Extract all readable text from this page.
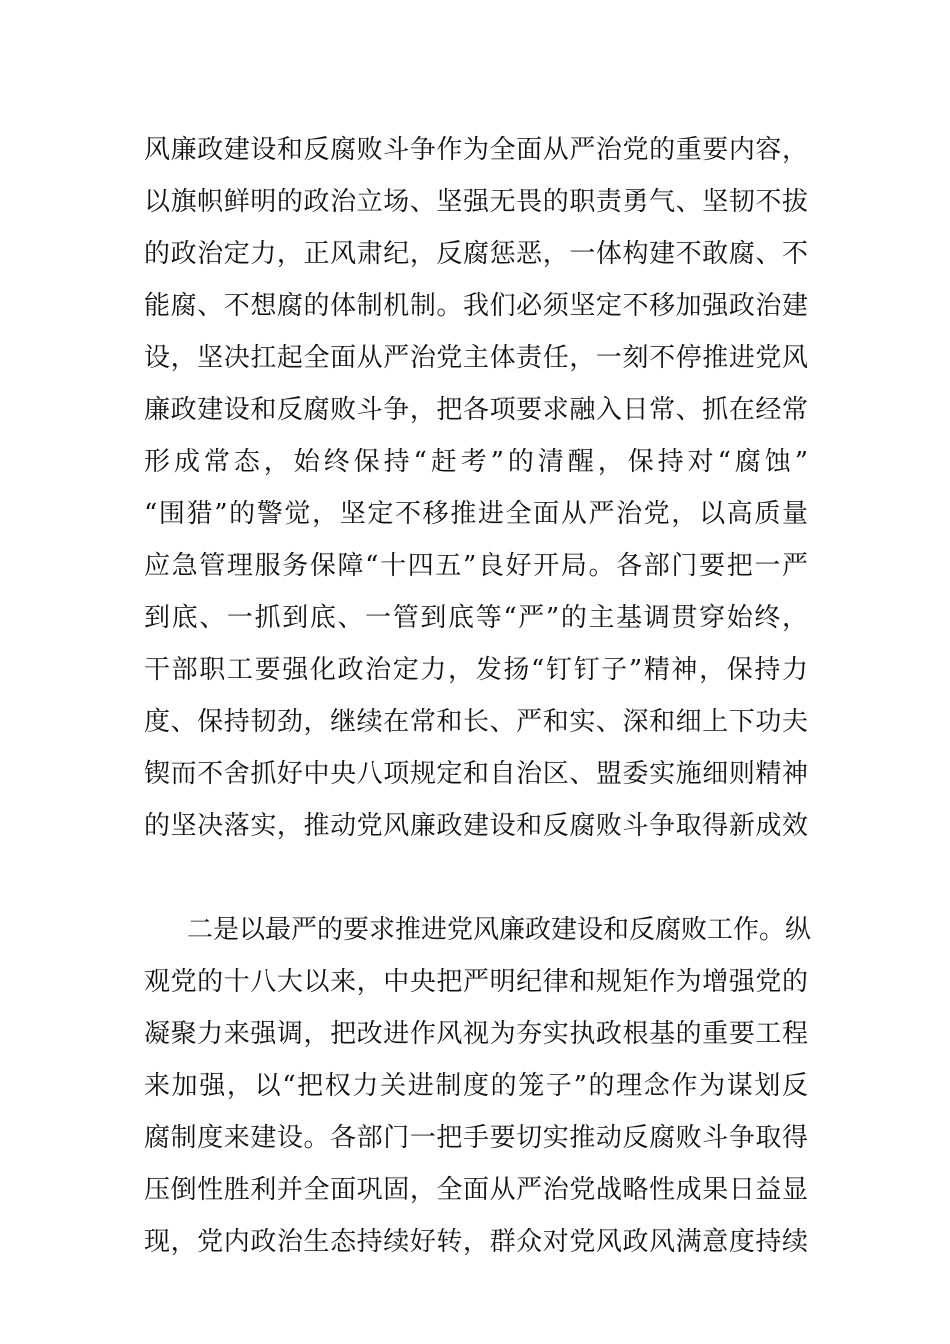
风廉政建设和反腐败斗争作为全面从严治党的重要内容，
以旗帜鲜明的政治立场、坚强无畏的职责勇气、坚韧不拔
的政治定力，正风肃纪，反腐惩恶，一体构建不敢腐、不
能腐、不想腐的体制机制。我们必须坚定不移加强政治建
设，坚决扛起全面从严治党主体责任，一刻不停推进党风
廉政建设和反腐败斗争，把各项要求融入日常、抓在经常
形成常态，始终保持“赶考”的清醒，保持对“腐蚀”
“围猎”的警觉，坚定不移推进全面从严治党，以高质量
应急管理服务保障“十四五”良好开局。各部门要把一严
到底、一抓到底、一管到底等“严”的主基调贯穿始终，
干部职工要强化政治定力，发扬“钉钉子”精神，保持力
度、保持韧劲，继续在常和长、严和实、深和细上下功夫
锲而不舍抓好中央八项规定和自治区、盟委实施细则精神
的坚决落实，推动党风廉政建设和反腐败斗争取得新成效
二是以最严的要求推进党风廉政建设和反腐败工作。纵
观党的十八大以来，中央把严明纪律和规矩作为增强党的
凝聚力来强调，把改进作风视为夯实执政根基的重要工程
来加强，以“把权力关进制度的笼子”的理念作为谋划反
腐制度来建设。各部门一把手要切实推动反腐败斗争取得
压倒性胜利并全面巩固，全面从严治党战略性成果日益显
现，党内政治生态持续好转，群众对党风政风满意度持续
